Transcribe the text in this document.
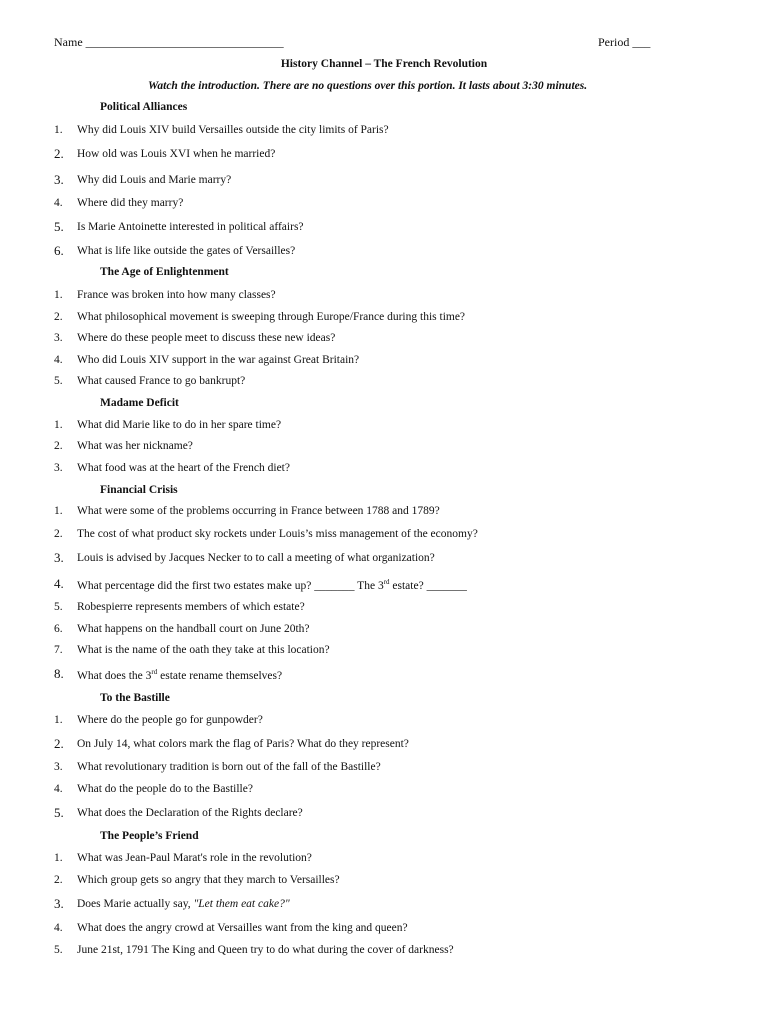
Name _________________________________	Period ___
History Channel – The French Revolution
Watch the introduction. There are no questions over this portion. It lasts about 3:30 minutes.
Political Alliances
1. Why did Louis XIV build Versailles outside the city limits of Paris?
2. How old was Louis XVI when he married?
3. Why did Louis and Marie marry?
4. Where did they marry?
5. Is Marie Antoinette interested in political affairs?
6. What is life like outside the gates of Versailles?
The Age of Enlightenment
1. France was broken into how many classes?
2. What philosophical movement is sweeping through Europe/France during this time?
3. Where do these people meet to discuss these new ideas?
4. Who did Louis XIV support in the war against Great Britain?
5. What caused France to go bankrupt?
Madame Deficit
1. What did Marie like to do in her spare time?
2. What was her nickname?
3. What food was at the heart of the French diet?
Financial Crisis
1. What were some of the problems occurring in France between 1788 and 1789?
2. The cost of what product sky rockets under Louis’s miss management of the economy?
3. Louis is advised by Jacques Necker to to call a meeting of what organization?
4. What percentage did the first two estates make up? _______ The 3rd estate? _______
5. Robespierre represents members of which estate?
6. What happens on the handball court on June 20th?
7. What is the name of the oath they take at this location?
8. What does the 3rd estate rename themselves?
To the Bastille
1. Where do the people go for gunpowder?
2. On July 14, what colors mark the flag of Paris? What do they represent?
3. What revolutionary tradition is born out of the fall of the Bastille?
4. What do the people do to the Bastille?
5. What does the Declaration of the Rights declare?
The People’s Friend
1. What was Jean-Paul Marat's role in the revolution?
2. Which group gets so angry that they march to Versailles?
3. Does Marie actually say, "Let them eat cake?"
4. What does the angry crowd at Versailles want from the king and queen?
5. June 21st, 1791 The King and Queen try to do what during the cover of darkness?
